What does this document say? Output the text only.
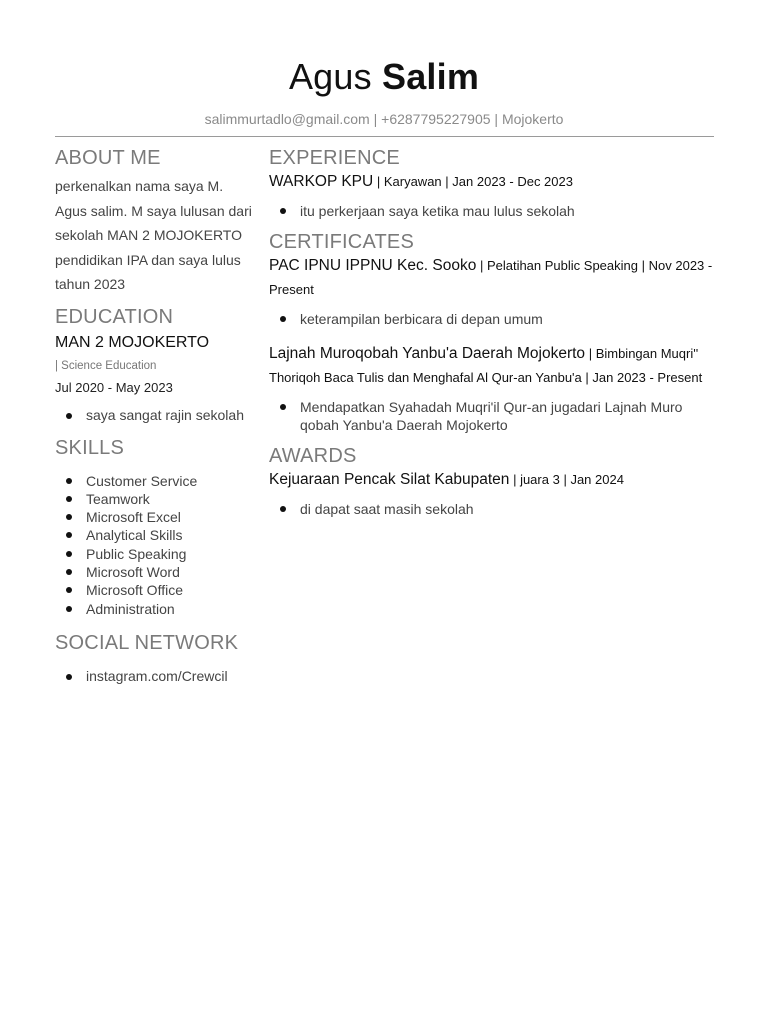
Agus Salim
salimmurtadlo@gmail.com | +6287795227905 | Mojokerto
ABOUT ME
perkenalkan nama saya M. Agus salim. M saya lulusan dari sekolah MAN 2 MOJOKERTO pendidikan IPA dan saya lulus tahun 2023
EDUCATION
MAN 2 MOJOKERTO
| Science Education
Jul 2020 - May 2023
saya sangat rajin sekolah
SKILLS
Customer Service
Teamwork
Microsoft Excel
Analytical Skills
Public Speaking
Microsoft Word
Microsoft Office
Administration
SOCIAL NETWORK
instagram.com/Crewcil
EXPERIENCE
WARKOP KPU | Karyawan | Jan 2023 - Dec 2023
itu perkerjaan saya ketika mau lulus sekolah
CERTIFICATES
PAC IPNU IPPNU Kec. Sooko | Pelatihan Public Speaking | Nov 2023 - Present
keterampilan berbicara di depan umum
Lajnah Muroqobah Yanbu'a Daerah Mojokerto | Bimbingan Muqri'' Thoriqoh Baca Tulis dan Menghafal Al Qur-an Yanbu'a | Jan 2023 - Present
Mendapatkan Syahadah Muqri'il Qur-an jugadari Lajnah Muro qobah Yanbu'a Daerah Mojokerto
AWARDS
Kejuaraan Pencak Silat Kabupaten | juara 3 | Jan 2024
di dapat saat masih sekolah
